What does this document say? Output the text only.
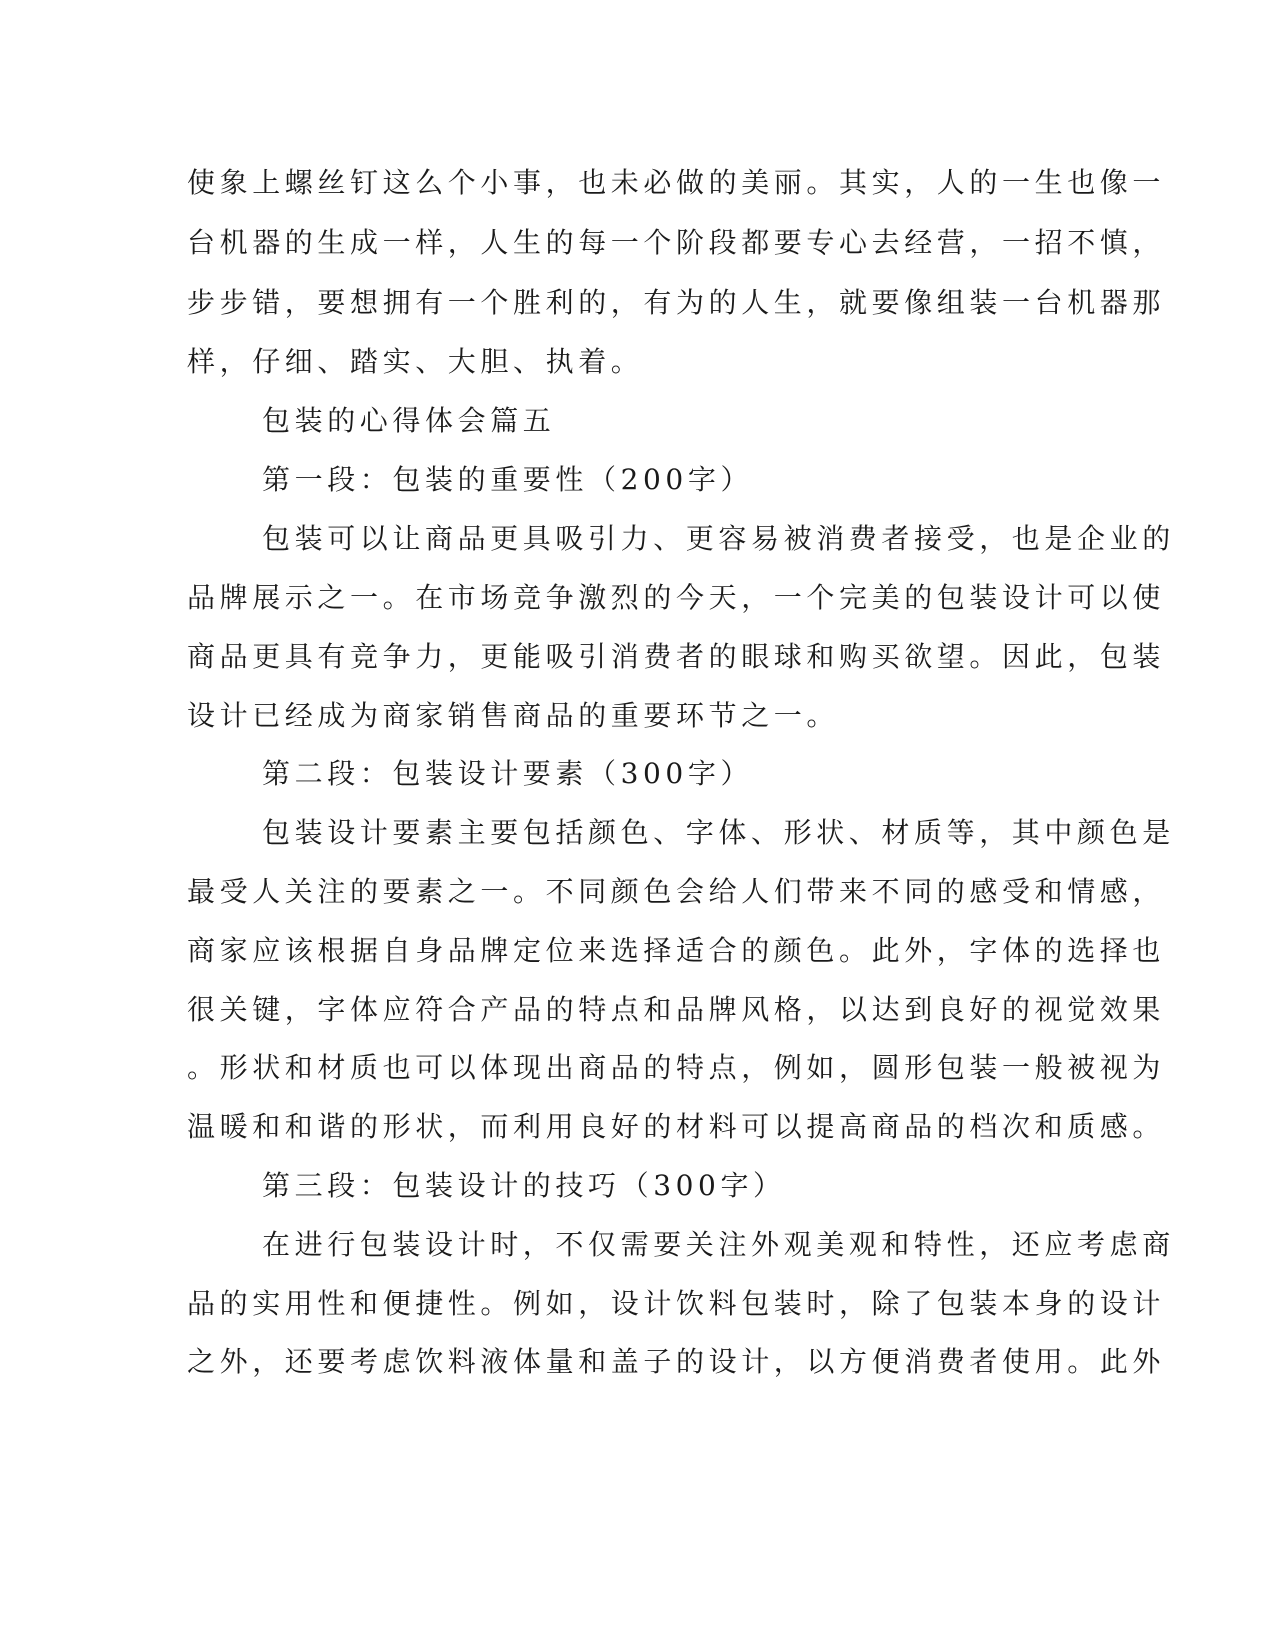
使象上螺丝钉这么个小事，也未必做的美丽。其实，人的一生也像一
台机器的生成一样，人生的每一个阶段都要专心去经营，一招不慎，
步步错，要想拥有一个胜利的，有为的人生，就要像组装一台机器那
样，仔细、踏实、大胆、执着。
包装的心得体会篇五
第一段：包装的重要性（200字）
包装可以让商品更具吸引力、更容易被消费者接受，也是企业的
品牌展示之一。在市场竞争激烈的今天，一个完美的包装设计可以使
商品更具有竞争力，更能吸引消费者的眼球和购买欲望。因此，包装
设计已经成为商家销售商品的重要环节之一。
第二段：包装设计要素（300字）
包装设计要素主要包括颜色、字体、形状、材质等，其中颜色是
最受人关注的要素之一。不同颜色会给人们带来不同的感受和情感，
商家应该根据自身品牌定位来选择适合的颜色。此外，字体的选择也
很关键，字体应符合产品的特点和品牌风格，以达到良好的视觉效果
。形状和材质也可以体现出商品的特点，例如，圆形包装一般被视为
温暖和和谐的形状，而利用良好的材料可以提高商品的档次和质感。
第三段：包装设计的技巧（300字）
在进行包装设计时，不仅需要关注外观美观和特性，还应考虑商
品的实用性和便捷性。例如，设计饮料包装时，除了包装本身的设计
之外，还要考虑饮料液体量和盖子的设计，以方便消费者使用。此外
